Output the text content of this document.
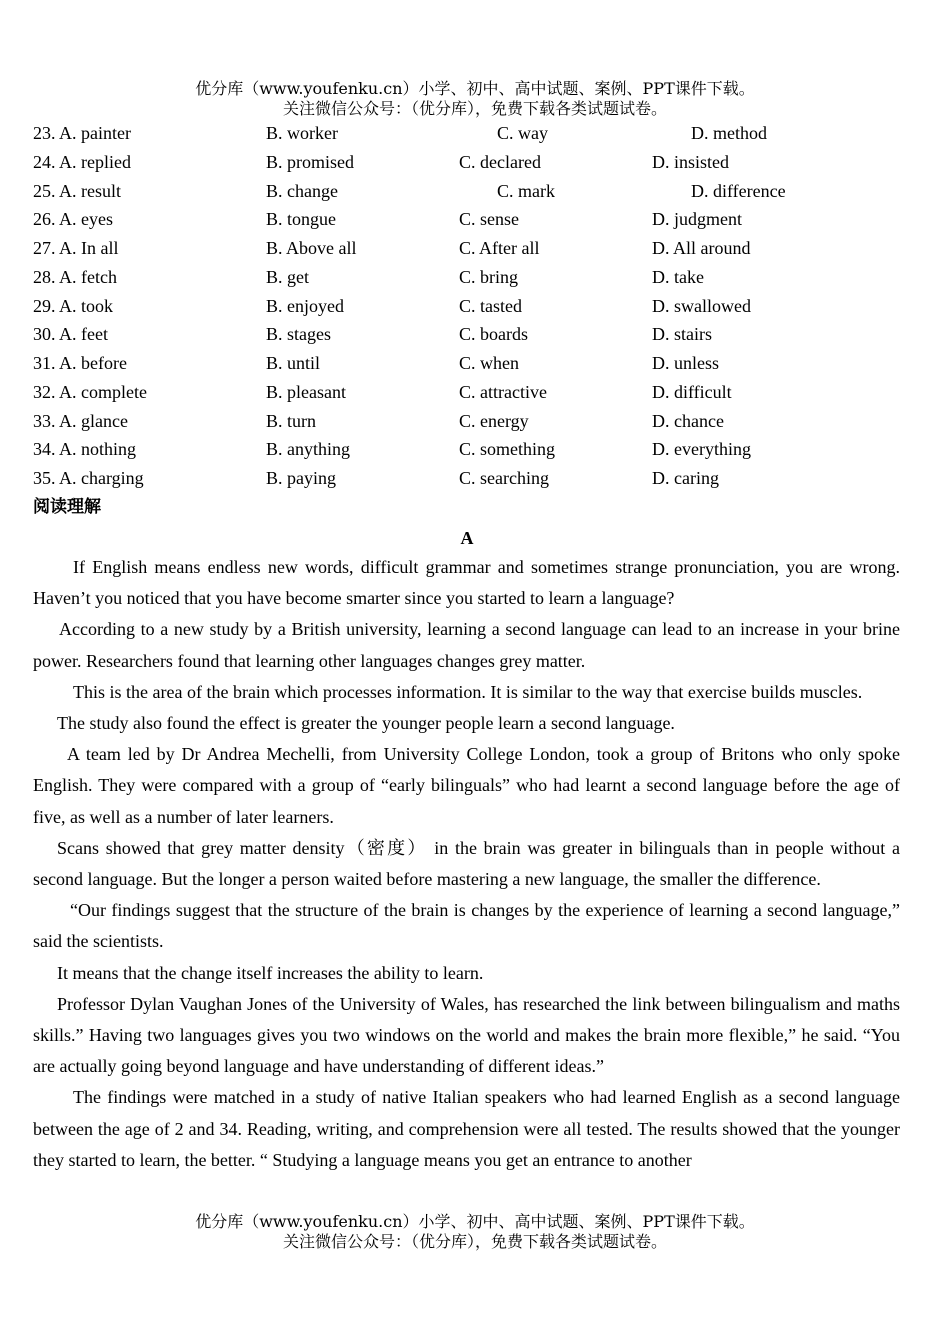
优分库（www.youfenku.cn）小学、初中、高中试题、案例、PPT课件下载。
关注微信公众号：（优分库），免费下载各类试题试卷。
23. A. painter	B. worker	C. way	D. method
24. A. replied	B. promised	C. declared	D. insisted
25. A. result	B. change	C. mark	D. difference
26. A. eyes	B. tongue	C. sense	D. judgment
27. A. In all	B. Above all	C. After all	D. All around
28. A. fetch	B. get	C. bring	D. take
29. A. took	B. enjoyed	C. tasted	D. swallowed
30. A. feet	B. stages	C. boards	D. stairs
31. A. before	B. until	C. when	D. unless
32. A. complete	B. pleasant	C. attractive	D. difficult
33. A. glance	B. turn	C. energy	D. chance
34. A. nothing	B. anything	C. something	D. everything
35. A. charging	B. paying	C. searching	D. caring
阅读理解
A

If English means endless new words, difficult grammar and sometimes strange pronunciation, you are wrong. Haven’t you noticed that you have become smarter since you started to learn a language?

According to a new study by a British university, learning a second language can lead to an increase in your brine power. Researchers found that learning other languages changes grey matter.

This is the area of the brain which processes information. It is similar to the way that exercise builds muscles.

The study also found the effect is greater the younger people learn a second language.

A team led by Dr Andrea Mechelli, from University College London, took a group of Britons who only spoke English. They were compared with a group of “early bilinguals” who had learnt a second language before the age of five, as well as a number of later learners.

Scans showed that grey matter density（密度） in the brain was greater in bilinguals than in people without a second language. But the longer a person waited before mastering a new language, the smaller the difference.

“Our findings suggest that the structure of the brain is changes by the experience of learning a second language,” said the scientists.

It means that the change itself increases the ability to learn.

Professor Dylan Vaughan Jones of the University of Wales, has researched the link between bilingualism and maths skills.” Having two languages gives you two windows on the world and makes the brain more flexible,” he said. “You are actually going beyond language and have understanding of different ideas.”

The findings were matched in a study of native Italian speakers who had learned English as a second language between the age of 2 and 34. Reading, writing, and comprehension were all tested. The results showed that the younger they started to learn, the better. “ Studying a language means you get an entrance to another

优分库（www.youfenku.cn）小学、初中、高中试题、案例、PPT课件下载。
关注微信公众号：（优分库），免费下载各类试题试卷。
